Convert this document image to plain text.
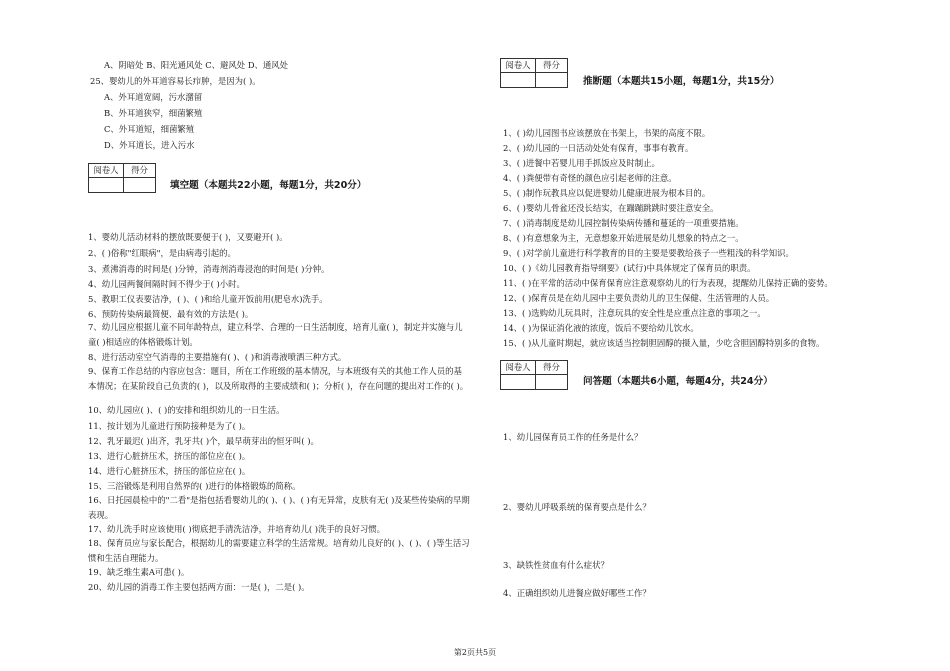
A、阴暗处 B、阳光通风处 C、避风处 D、通风处
25、婴幼儿的外耳道容易长疖肿，是因为( )。
A、外耳道宽阔，污水潴留
B、外耳道狭窄，细菌繁殖
C、外耳道短，细菌繁殖
D、外耳道长，进入污水
阅卷人	得分
填空题（本题共22小题，每题1分，共20分）
1、婴幼儿活动材料的摆放既要便于( )，又要避开( )。
2、( )俗称"红眼病"，是由病毒引起的。
3、煮沸消毒的时间是( )分钟，消毒剂消毒浸泡的时间是( )分钟。
4、幼儿园两餐间隔时间不得少于( )小时。
5、教职工仪表要洁净，( )、( )和给儿童开饭前用(肥皂水)洗手。
6、预防传染病最简便、最有效的方法是( )。
7、幼儿园应根据儿童不同年龄特点，建立科学、合理的一日生活制度，培育儿童( )，制定并实施与儿童( )相适应的体格锻炼计划。
8、进行活动室空气消毒的主要措施有( )、( )和消毒液喷洒三种方式。
9、保育工作总结的内容应包含：题目，所在工作班级的基本情况，与本班级有关的其他工作人员的基本情况；在某阶段自己负责的( )，以及所取得的主要成绩和( )；分析( )，存在问题的提出对工作的( )。
10、幼儿园应( )、( )的安排和组织幼儿的一日生活。
11、按计划为儿童进行预防接种是为了( )。
12、乳牙最迟( )出齐，乳牙共( )个，最早萌芽出的恒牙叫( )。
13、进行心脏挤压术，挤压的部位应在( )。
14、进行心脏挤压术，挤压的部位应在( )。
15、三浴锻炼是利用自然界的( )进行的体格锻炼的简称。
16、日托园晨检中的"二看"是指包括看婴幼儿的( )、( )、( )有无异常，皮肤有无( )及某些传染病的早期表现。
17、幼儿洗手时应该使用( )彻底把手清洗洁净，并培育幼儿( )洗手的良好习惯。
18、保育员应与家长配合，根据幼儿的需要建立科学的生活常规。培育幼儿良好的( )、( )、( )等生活习惯和生活自理能力。
19、缺乏维生素A可患( )。
20、幼儿园的消毒工作主要包括两方面：一是( )，二是( )。
阅卷人	得分
推断题（本题共15小题，每题1分，共15分）
1、( )幼儿园图书应该摆放在书架上，书架的高度不限。
2、( )幼儿园的一日活动处处有保育，事事有教育。
3、( )进餐中若婴儿用手抓饭应及时制止。
4、( )粪便带有奇怪的颜色应引起老师的注意。
5、( )制作玩教具应以促进婴幼儿健康进展为根本目的。
6、( )婴幼儿骨盆还没长结实，在蹦蹦跳跳时要注意安全。
7、( )消毒制度是幼儿园控制传染病传播和蔓延的一项重要措施。
8、( )有意想象为主，无意想象开始进展是幼儿想象的特点之一。
9、( )对学前儿童进行科学教育的目的主要是要教给孩子一些粗浅的科学知识。
10、( )《幼儿园教育指导纲要》(试行)中具体规定了保育员的职责。
11、( )在平常的活动中保育保育应注意观察幼儿的行为表现，提醒幼儿保持正确的姿势。
12、( )保育员是在幼儿园中主要负责幼儿的卫生保健、生活管理的人员。
13、( )选购幼儿玩具时，注意玩具的安全性是应重点注意的事项之一。
14、( )为保证消化液的浓度，饭后不要给幼儿饮水。
15、( )从儿童时期起，就应该适当控制胆固醇的摄入量，少吃含胆固醇特别多的食物。
阅卷人	得分
问答题（本题共6小题，每题4分，共24分）
1、幼儿园保育员工作的任务是什么？
2、婴幼儿呼吸系统的保育要点是什么？
3、缺铁性贫血有什么症状？
4、正确组织幼儿进餐应做好哪些工作？
第2页共5页
